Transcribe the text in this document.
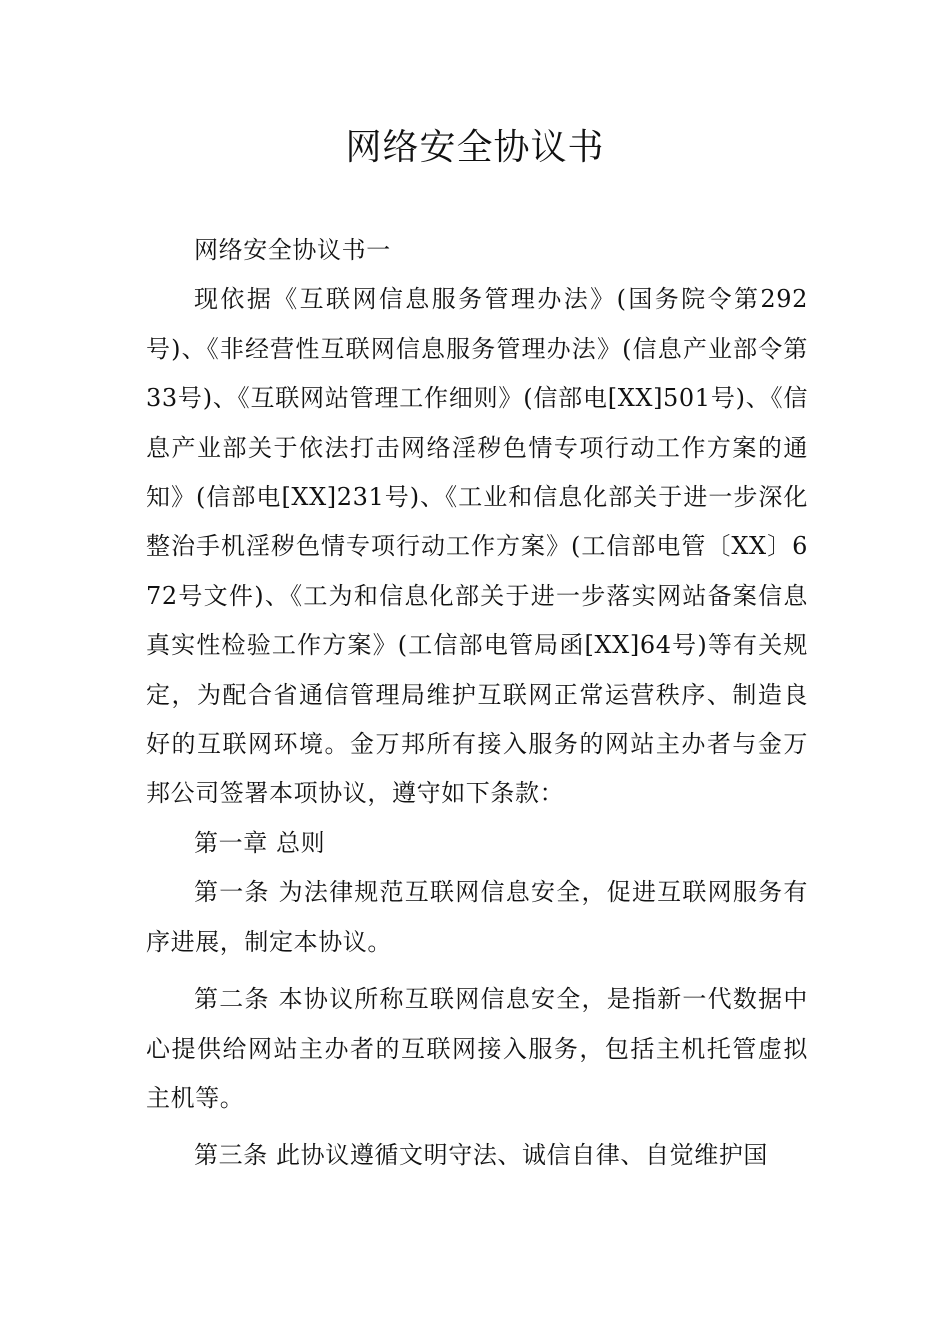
网络安全协议书

网络安全协议书一

现依据《互联网信息服务管理办法》(国务院令第292号)、《非经营性互联网信息服务管理办法》(信息产业部令第33号)、《互联网站管理工作细则》(信部电[XX]501号)、《信息产业部关于依法打击网络淫秽色情专项行动工作方案的通知》(信部电[XX]231号)、《工业和信息化部关于进一步深化整治手机淫秽色情专项行动工作方案》(工信部电管〔XX〕672号文件)、《工为和信息化部关于进一步落实网站备案信息真实性检验工作方案》(工信部电管局函[XX]64号)等有关规定，为配合省通信管理局维护互联网正常运营秩序、制造良好的互联网环境。金万邦所有接入服务的网站主办者与金万邦公司签署本项协议，遵守如下条款：

第一章 总则

第一条 为法律规范互联网信息安全，促进互联网服务有序进展，制定本协议。

第二条 本协议所称互联网信息安全，是指新一代数据中心提供给网站主办者的互联网接入服务，包括主机托管虚拟主机等。

第三条 此协议遵循文明守法、诚信自律、自觉维护国
